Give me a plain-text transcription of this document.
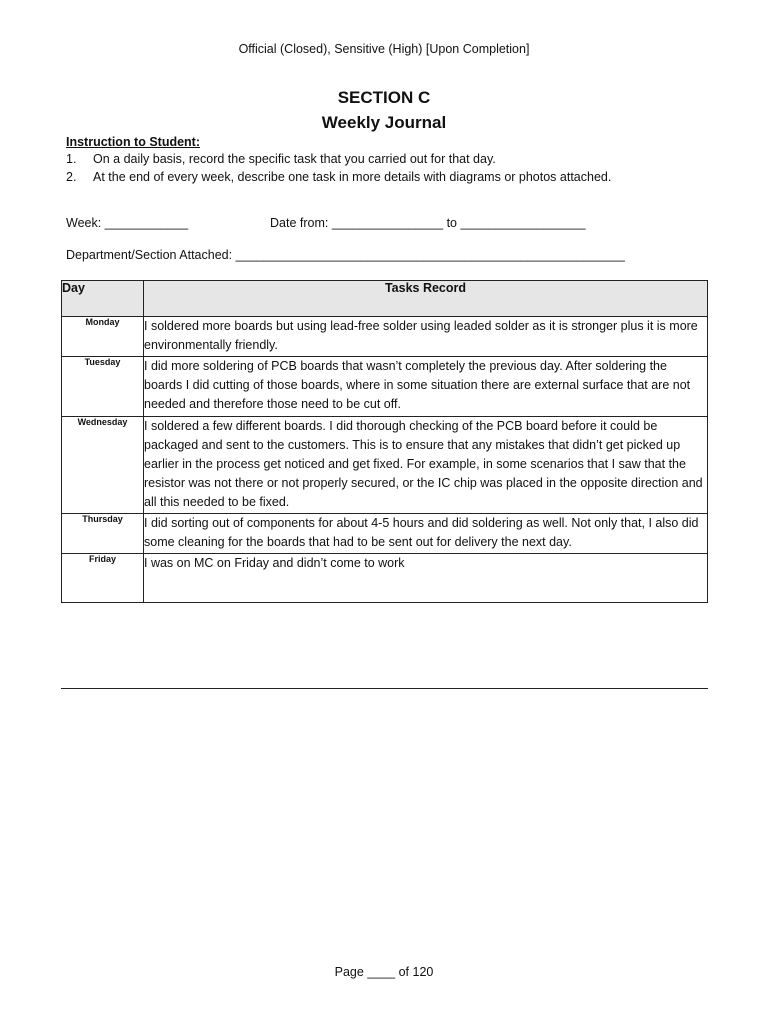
Official (Closed), Sensitive (High) [Upon Completion]
SECTION C
Weekly Journal
Instruction to Student:
1.	On a daily basis, record the specific task that you carried out for that day.
2.	At the end of every week, describe one task in more details with diagrams or photos attached.
Week: ____________	Date from: ________________ to __________________
Department/Section Attached: ________________________________________________________
Day	Tasks Record
Monday	I soldered more boards but using lead-free solder using leaded solder as it is stronger plus it is more environmentally friendly.
Tuesday	I did more soldering of PCB boards that wasn’t completely the previous day. After soldering the boards I did cutting of those boards, where in some situation there are external surface that are not needed and therefore those need to be cut off.
Wednesday	I soldered a few different boards. I did thorough checking of the PCB board before it could be packaged and sent to the customers. This is to ensure that any mistakes that didn’t get picked up earlier in the process get noticed and get fixed. For example, in some scenarios that I saw that the resistor was not there or not properly secured, or the IC chip was placed in the opposite direction and all this needed to be fixed.
Thursday	I did sorting out of components for about 4-5 hours and did soldering as well. Not only that, I also did some cleaning for the boards that had to be sent out for delivery the next day.
Friday	I was on MC on Friday and didn’t come to work
Page ____ of 120
